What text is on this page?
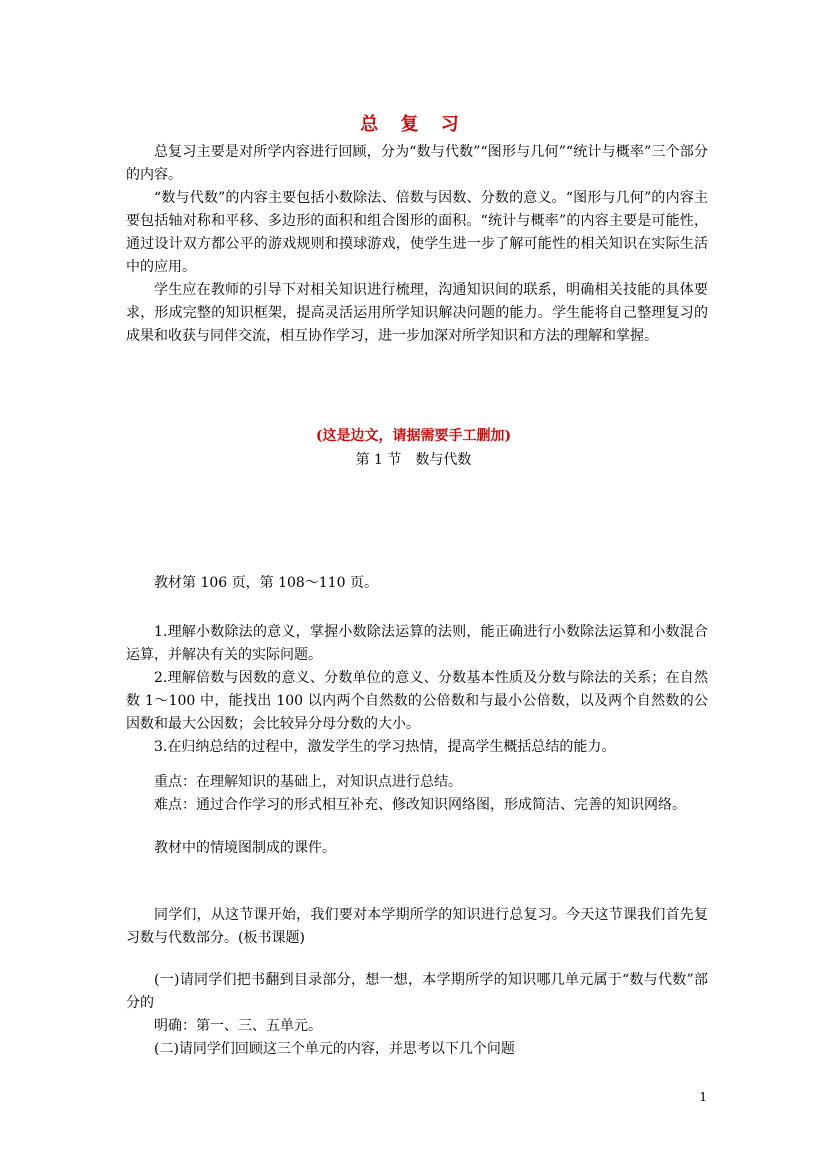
总 复 习

总复习主要是对所学内容进行回顾，分为“数与代数”“图形与几何”“统计与概率”三个部分的内容。

“数与代数”的内容主要包括小数除法、倍数与因数、分数的意义。“图形与几何”的内容主要包括轴对称和平移、多边形的面积和组合图形的面积。“统计与概率”的内容主要是可能性，通过设计双方都公平的游戏规则和摸球游戏，使学生进一步了解可能性的相关知识在实际生活中的应用。

学生应在教师的引导下对相关知识进行梳理，沟通知识间的联系，明确相关技能的具体要求，形成完整的知识框架，提高灵活运用所学知识解决问题的能力。学生能将自己整理复习的成果和收获与同伴交流，相互协作学习，进一步加深对所学知识和方法的理解和掌握。

(这是边文，请据需要手工删加)
第 1 节　数与代数

教材第 106 页，第 108～110 页。

1.理解小数除法的意义，掌握小数除法运算的法则，能正确进行小数除法运算和小数混合运算，并解决有关的实际问题。

2.理解倍数与因数的意义、分数单位的意义、分数基本性质及分数与除法的关系；在自然数 1～100 中，能找出 100 以内两个自然数的公倍数和与最小公倍数，以及两个自然数的公因数和最大公因数；会比较异分母分数的大小。

3.在归纳总结的过程中，激发学生的学习热情，提高学生概括总结的能力。

重点：在理解知识的基础上，对知识点进行总结。

难点：通过合作学习的形式相互补充、修改知识网络图，形成简洁、完善的知识网络。

教材中的情境图制成的课件。

同学们，从这节课开始，我们要对本学期所学的知识进行总复习。今天这节课我们首先复习数与代数部分。(板书课题)

(一)请同学们把书翻到目录部分，想一想，本学期所学的知识哪几单元属于“数与代数”部分的

明确：第一、三、五单元。

(二)请同学们回顾这三个单元的内容，并思考以下几个问题

1
